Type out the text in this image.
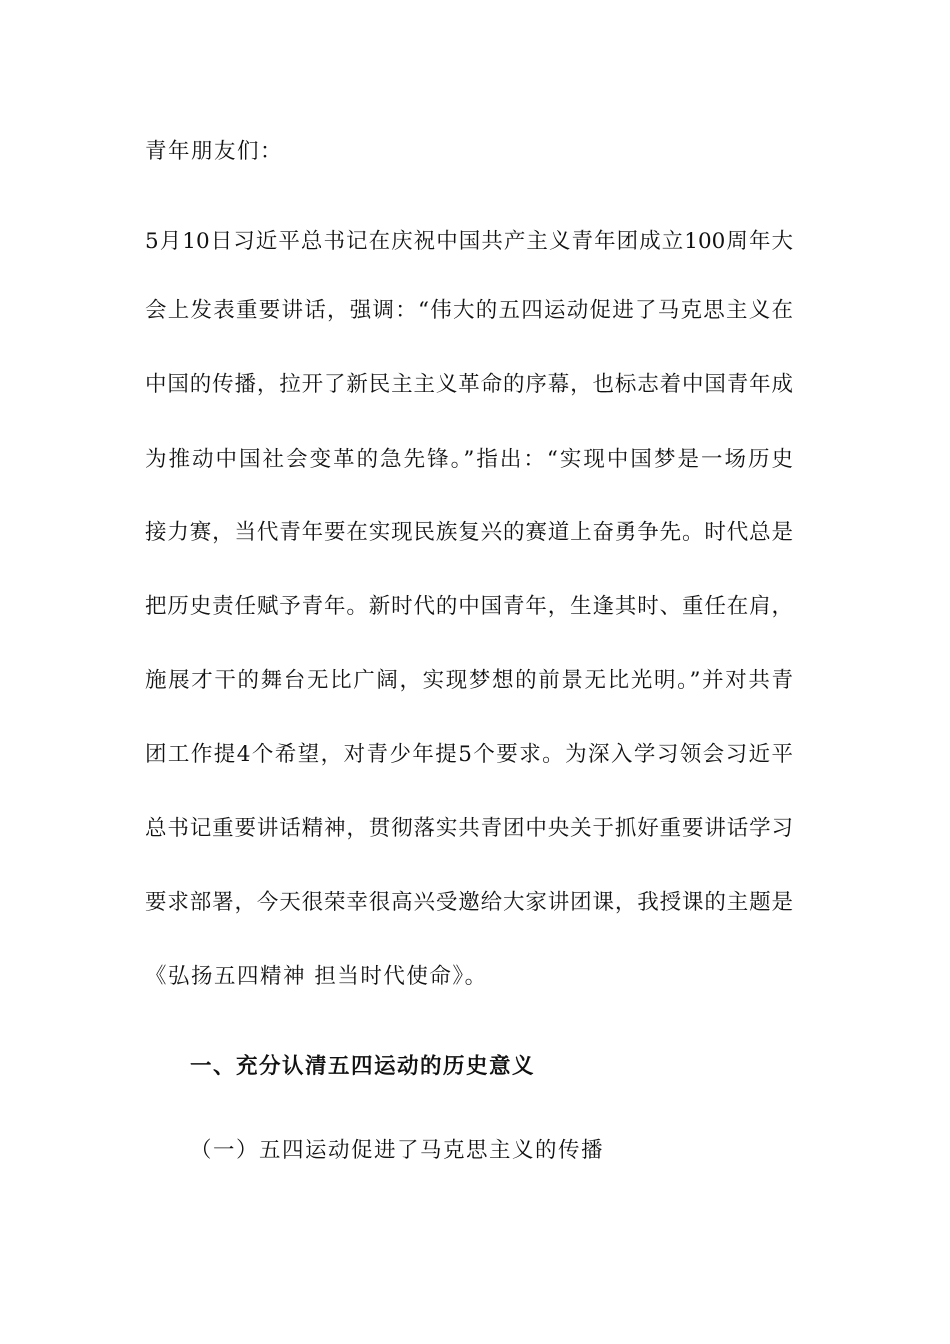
青年朋友们：
5月10日习近平总书记在庆祝中国共产主义青年团成立100周年大
会上发表重要讲话，强调：“伟大的五四运动促进了马克思主义在
中国的传播，拉开了新民主主义革命的序幕，也标志着中国青年成
为推动中国社会变革的急先锋。”指出：“实现中国梦是一场历史
接力赛，当代青年要在实现民族复兴的赛道上奋勇争先。时代总是
把历史责任赋予青年。新时代的中国青年，生逢其时、重任在肩，
施展才干的舞台无比广阔，实现梦想的前景无比光明。”并对共青
团工作提4个希望，对青少年提5个要求。为深入学习领会习近平
总书记重要讲话精神，贯彻落实共青团中央关于抓好重要讲话学习
要求部署，今天很荣幸很高兴受邀给大家讲团课，我授课的主题是
《弘扬五四精神 担当时代使命》。
一、充分认清五四运动的历史意义
（一）五四运动促进了马克思主义的传播
